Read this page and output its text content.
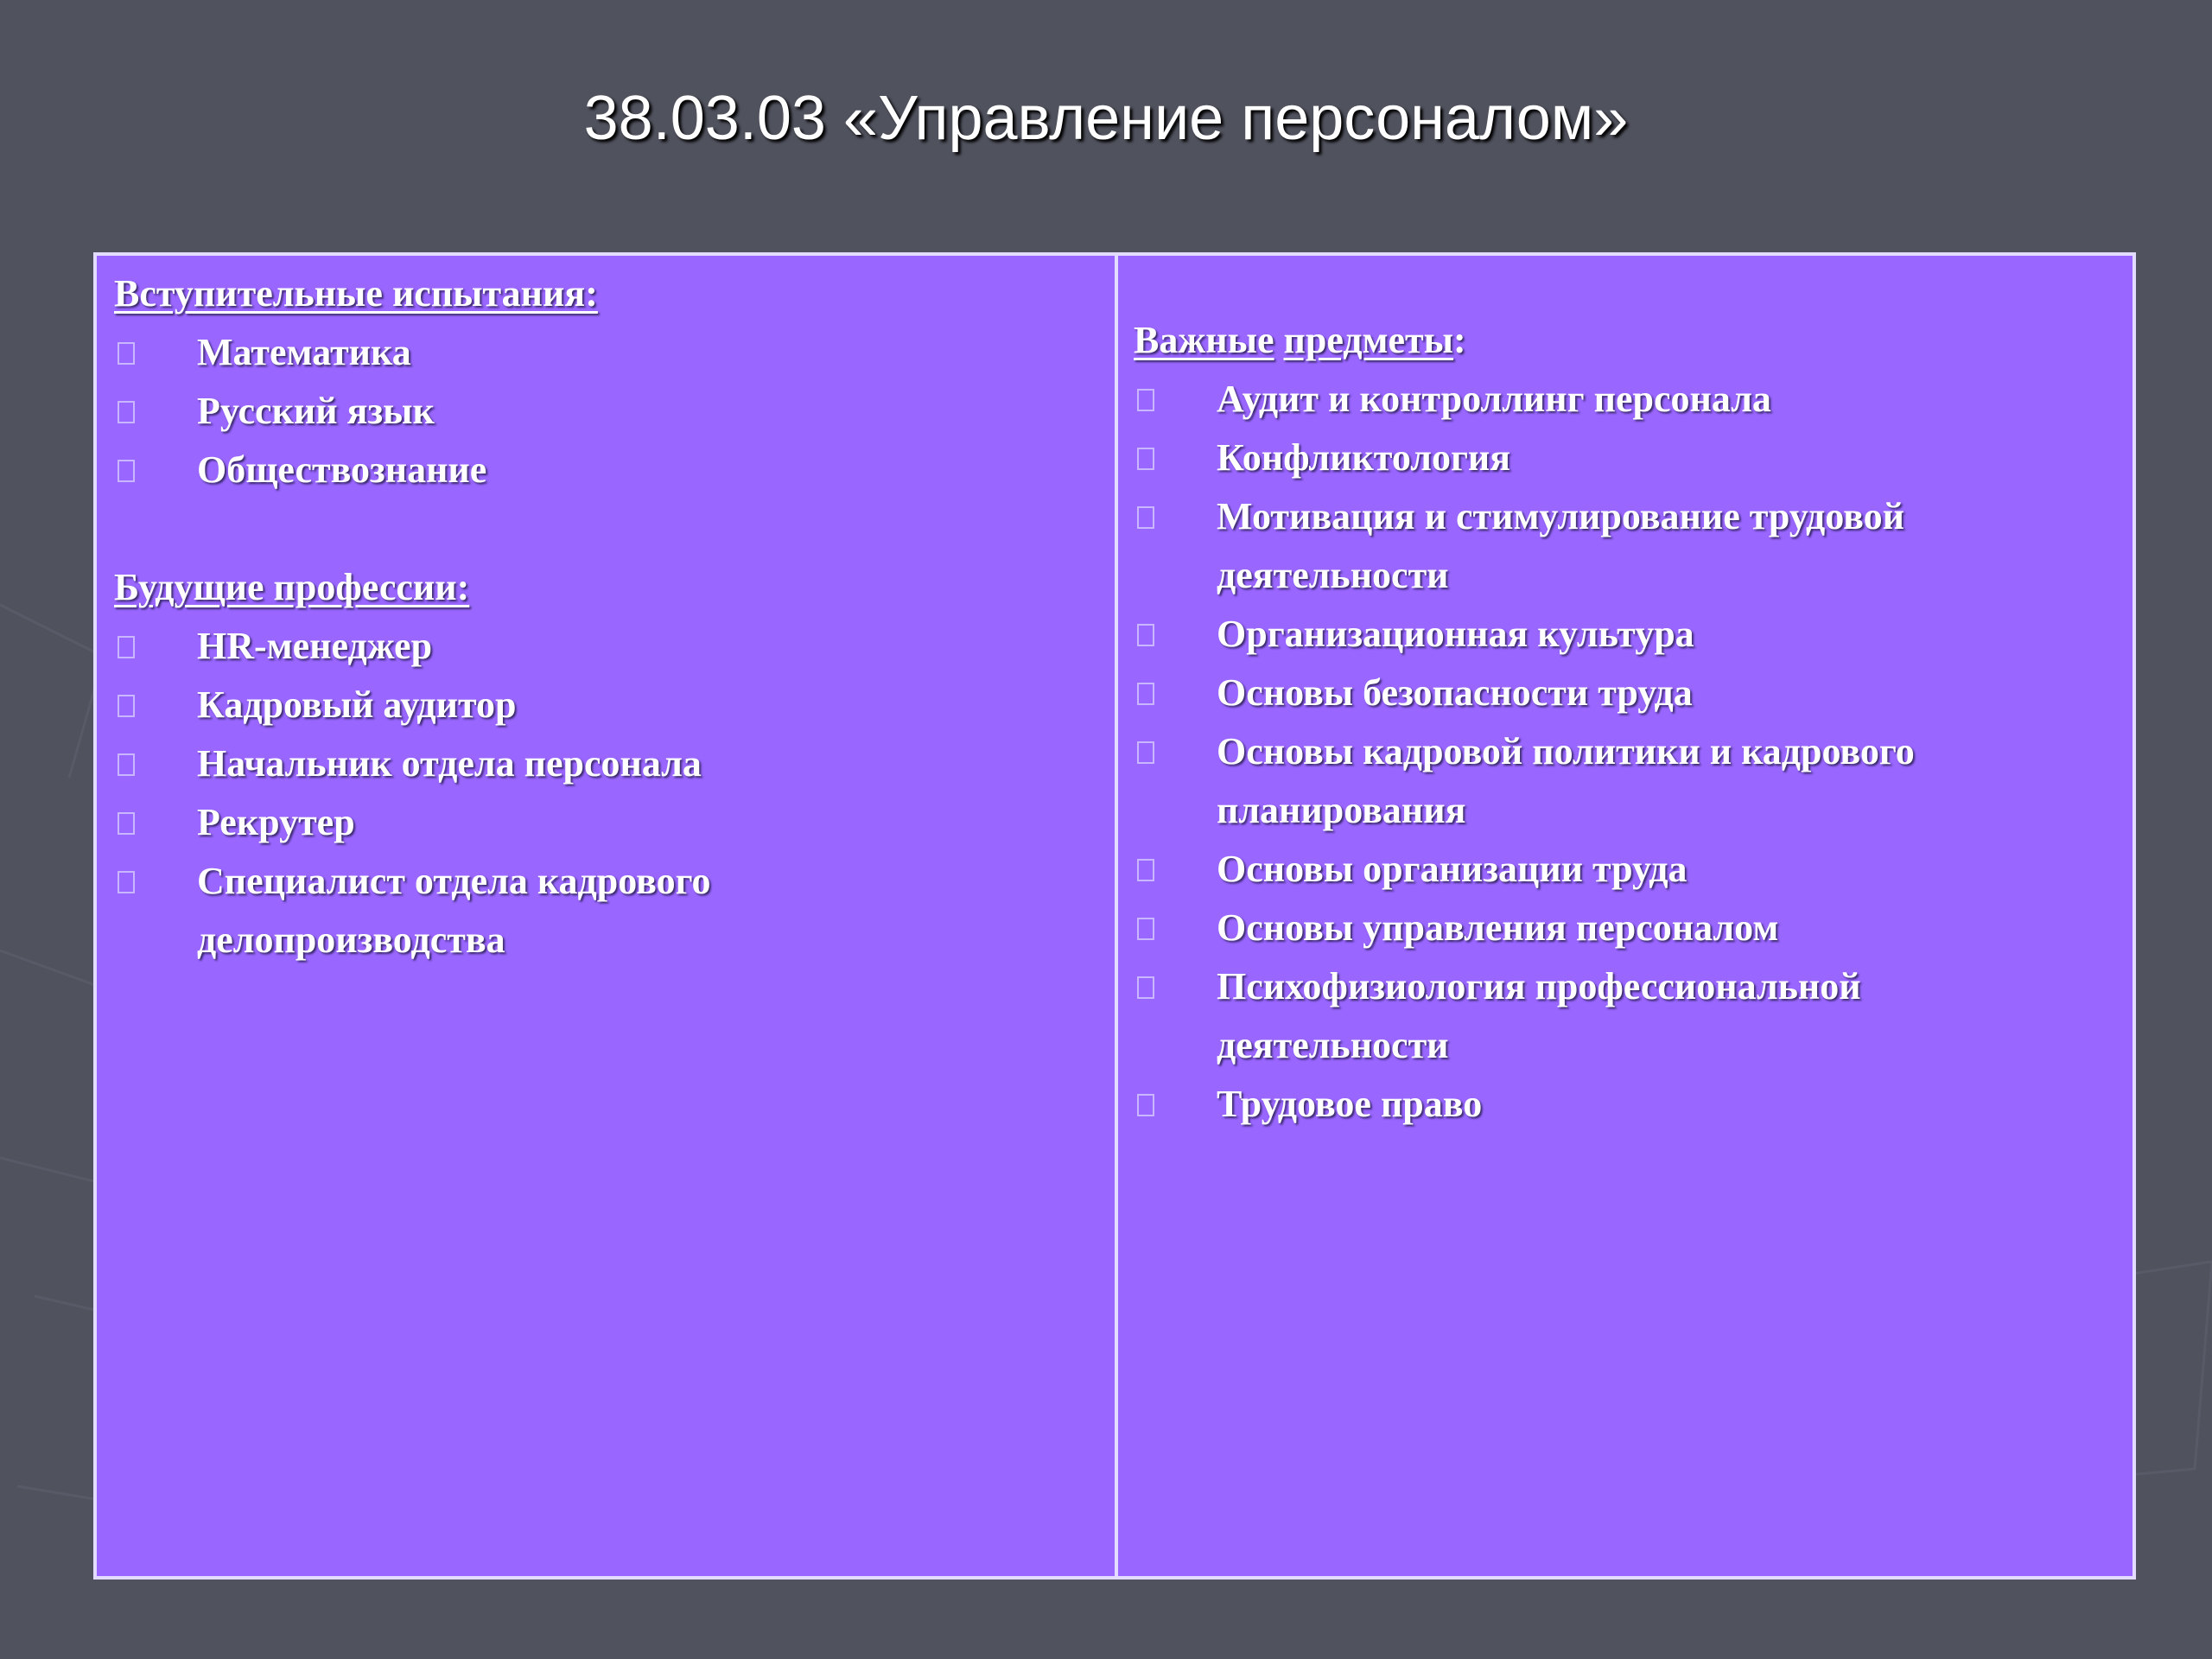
38.03.03 «Управление персоналом»
Вступительные испытания:
Математика
Русский язык
Обществознание
Будущие профессии:
HR-менеджер
Кадровый аудитор
Начальник отдела персонала
Рекрутер
Специалист отдела кадрового делопроизводства
Важные предметы:
Аудит и контроллинг персонала
Конфликтология
Мотивация и стимулирование трудовой деятельности
Организационная культура
Основы безопасности труда
Основы кадровой политики и кадрового планирования
Основы организации труда
Основы управления персоналом
Психофизиология профессиональной деятельности
Трудовое право
